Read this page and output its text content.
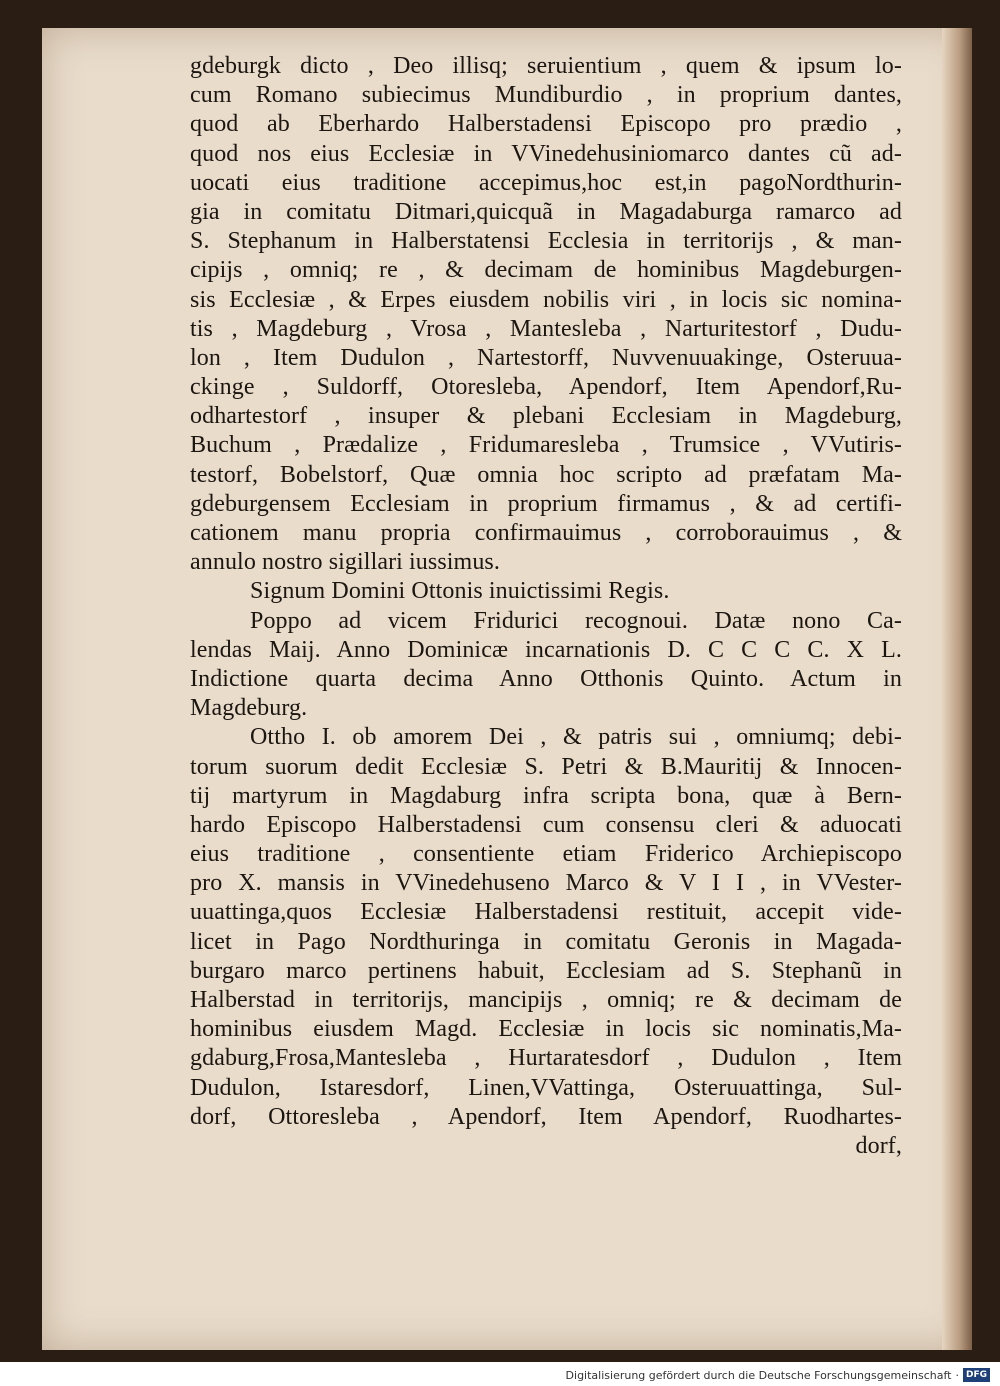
gdeburgk dicto , Deo illisq; seruientium , quem & ipsum lo-
cum Romano subiecimus Mundiburdio , in proprium dantes,
quod ab Eberhardo Halberstadensi Episcopo pro prædio ,
quod nos eius Ecclesiæ in VVinedehusiniomarco dantes cũ ad-
uocati eius traditione accepimus,hoc est,in pagoNordthurin-
gia in comitatu Ditmari,quicquã in Magadaburga ramarco ad
S. Stephanum in Halberstatensi Ecclesia in territorijs , & man-
cipijs , omniq; re , & decimam de hominibus Magdeburgen-
sis Ecclesiæ , & Erpes eiusdem nobilis viri , in locis sic nomina-
tis , Magdeburg , Vrosa , Mantesleba , Narturitestorf , Dudu-
lon , Item Dudulon , Nartestorff, Nuvvenuuakinge, Osteruua-
ckinge , Suldorff, Otoresleba, Apendorf, Item Apendorf,Ru-
odhartestorf , insuper & plebani Ecclesiam in Magdeburg,
Buchum , Prædalize , Fridumaresleba , Trumsice , VVutiris-
testorf, Bobelstorf, Quæ omnia hoc scripto ad præfatam Ma-
gdeburgensem Ecclesiam in proprium firmamus , & ad certifi-
cationem manu propria confirmauimus , corroborauimus , &
annulo nostro sigillari iussimus.
Signum Domini Ottonis inuictissimi Regis.
Poppo ad vicem Fridurici recognoui. Datæ nono Ca-
lendas Maij. Anno Dominicæ incarnationis D. C C C C. X L.
Indictione quarta decima Anno Otthonis Quinto. Actum in
Magdeburg.
Ottho I. ob amorem Dei , & patris sui , omniumq; debi-
torum suorum dedit Ecclesiæ S. Petri & B.Mauritij & Innocen-
tij martyrum in Magdaburg infra scripta bona, quæ à Bern-
hardo Episcopo Halberstadensi cum consensu cleri & aduocati
eius traditione , consentiente etiam Friderico Archiepiscopo
pro X. mansis in VVinedehuseno Marco & V I I , in VVester-
uuattinga,quos Ecclesiæ Halberstadensi restituit, accepit vide-
licet in Pago Nordthuringa in comitatu Geronis in Magada-
burgaro marco pertinens habuit, Ecclesiam ad S. Stephanũ in
Halberstad in territorijs, mancipijs , omniq; re & decimam de
hominibus eiusdem Magd. Ecclesiæ in locis sic nominatis,Ma-
gdaburg,Frosa,Mantesleba , Hurtaratesdorf , Dudulon , Item
Dudulon, Istaresdorf, Linen,VVattinga, Osteruuattinga, Sul-
dorf, Ottoresleba , Apendorf, Item Apendorf, Ruodhartes-
dorf,
Digitalisierung gefördert durch die Deutsche Forschungsgemeinschaft · DFG
